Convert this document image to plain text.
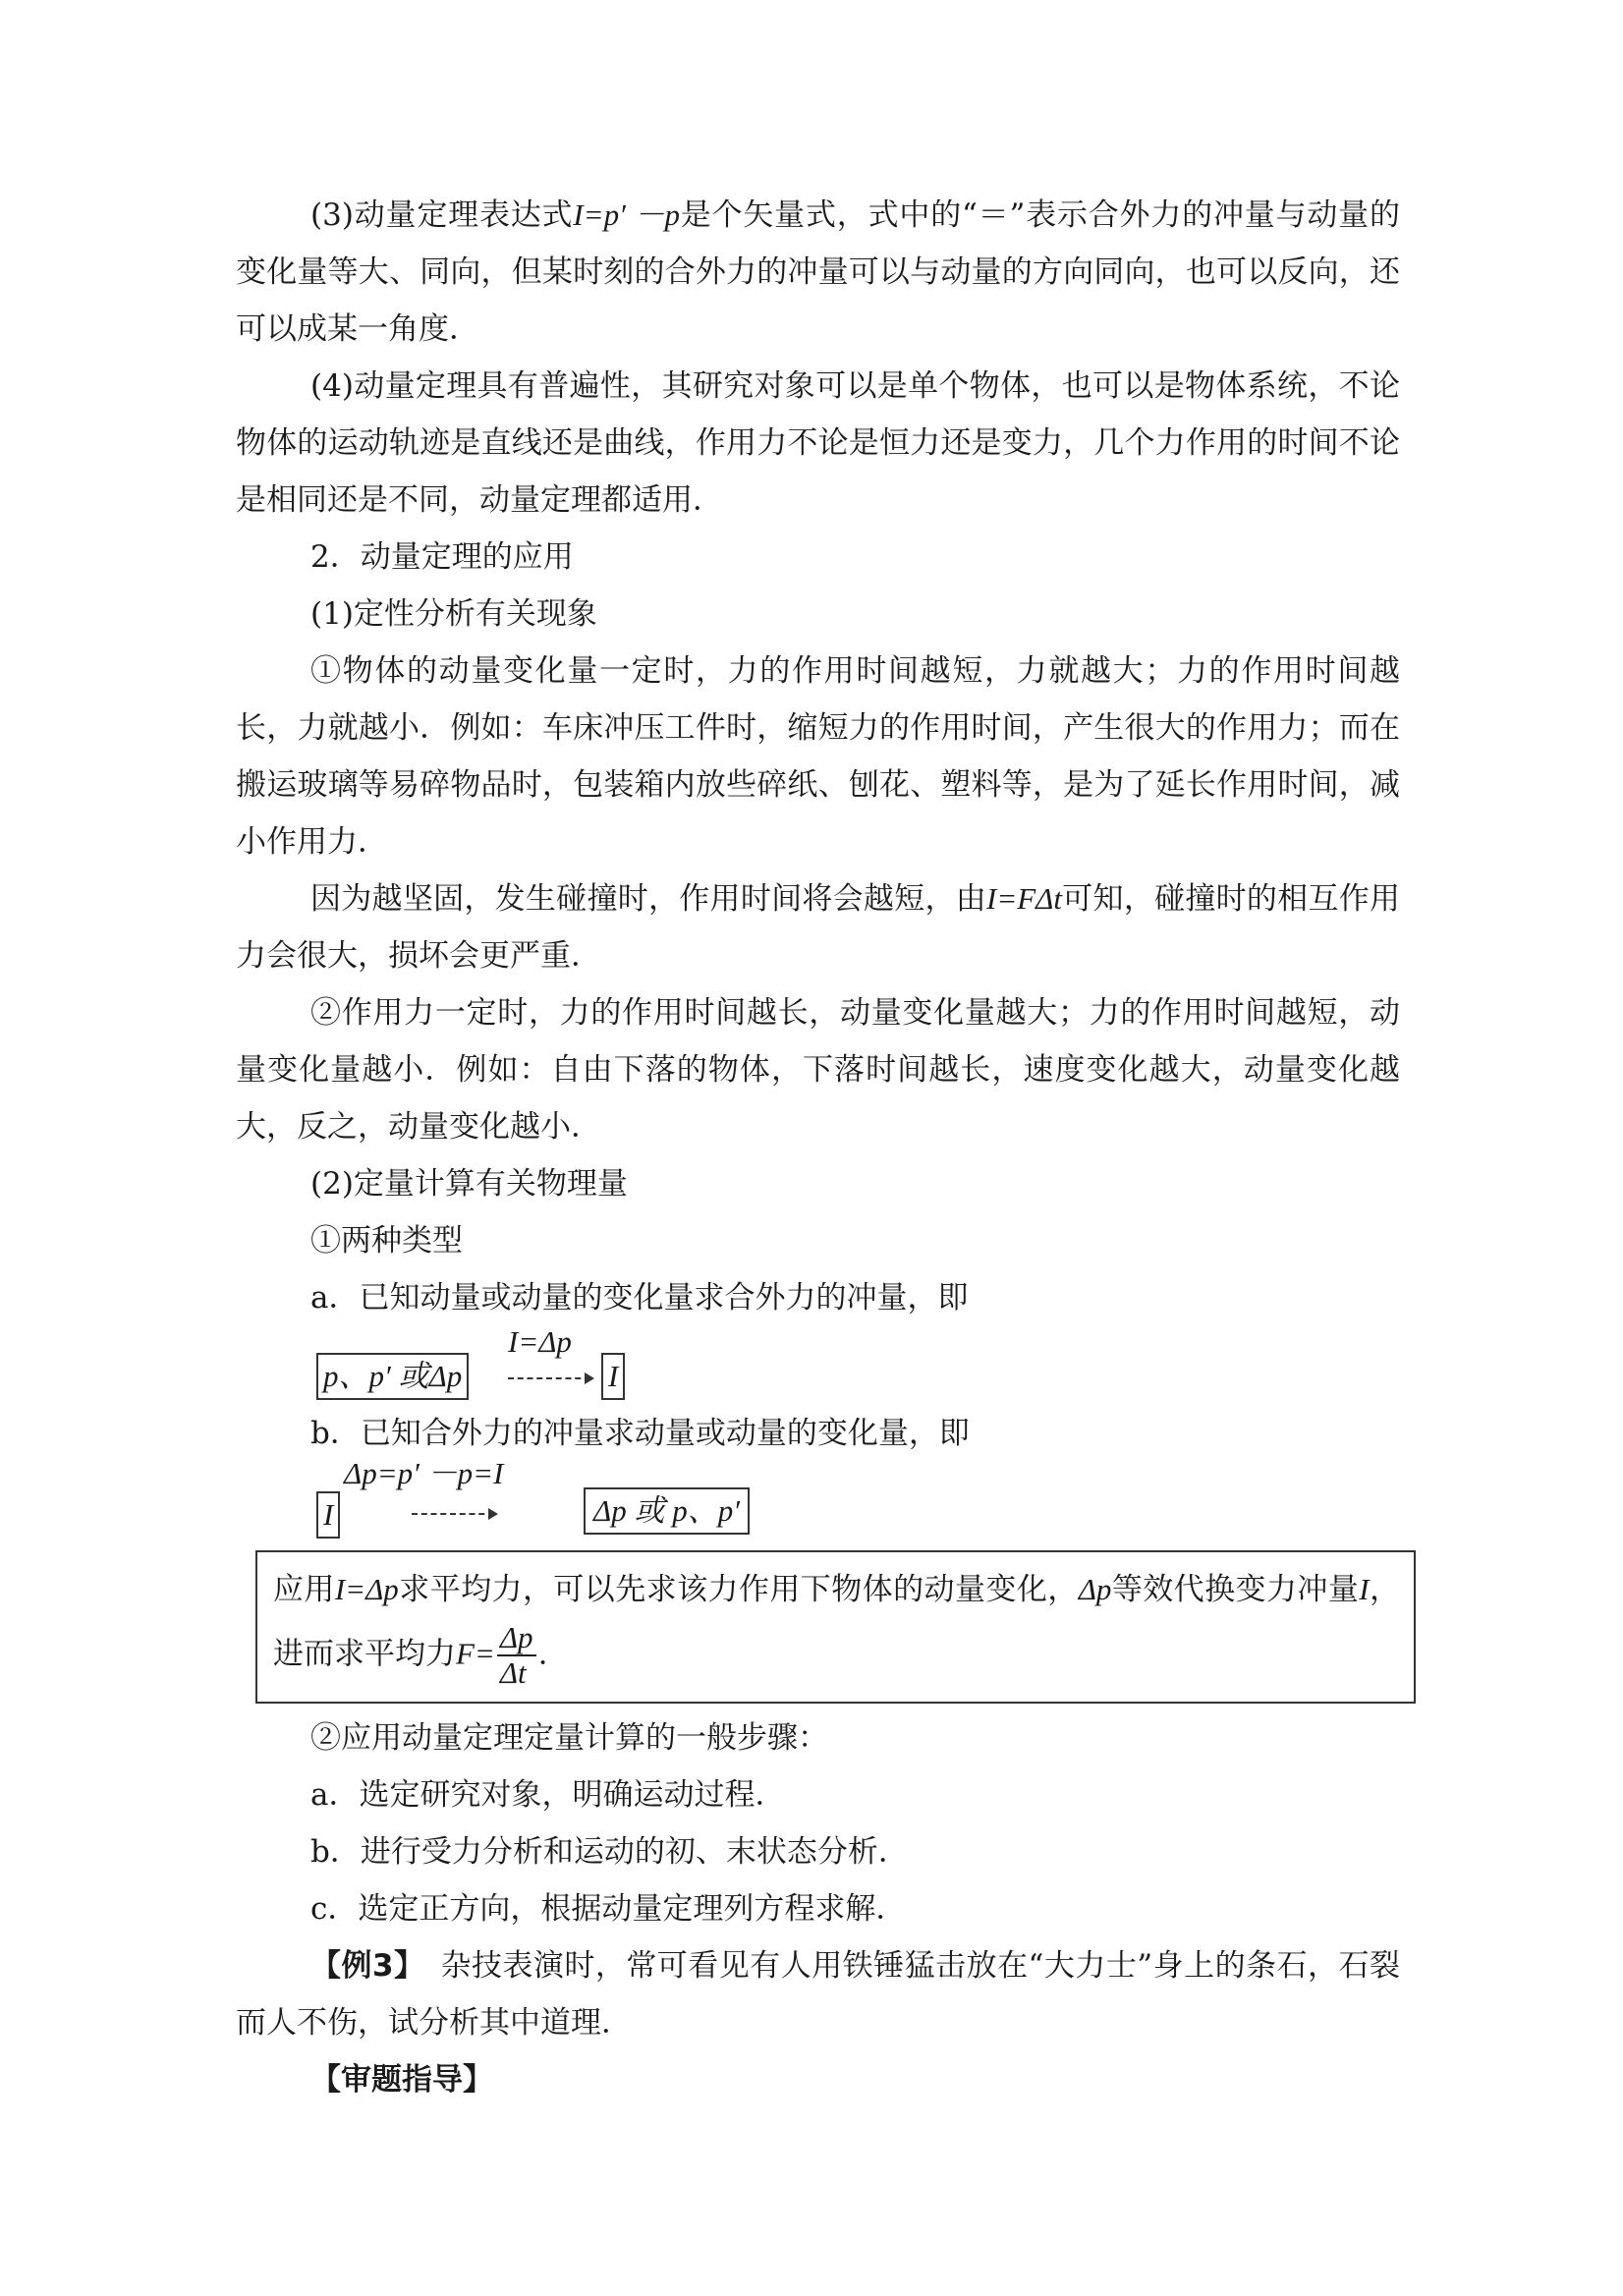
(3)动量定理表达式I=p′ －p是个矢量式，式中的“＝”表示合外力的冲量与动量的变化量等大、同向，但某时刻的合外力的冲量可以与动量的方向同向，也可以反向，还可以成某一角度．

(4)动量定理具有普遍性，其研究对象可以是单个物体，也可以是物体系统，不论物体的运动轨迹是直线还是曲线，作用力不论是恒力还是变力，几个力作用的时间不论是相同还是不同，动量定理都适用．

2．动量定理的应用

(1)定性分析有关现象

①物体的动量变化量一定时，力的作用时间越短，力就越大；力的作用时间越长，力就越小．例如：车床冲压工件时，缩短力的作用时间，产生很大的作用力；而在搬运玻璃等易碎物品时，包装箱内放些碎纸、刨花、塑料等，是为了延长作用时间，减小作用力．

因为越坚固，发生碰撞时，作用时间将会越短，由I=FΔt可知，碰撞时的相互作用力会很大，损坏会更严重．

②作用力一定时，力的作用时间越长，动量变化量越大；力的作用时间越短，动量变化量越小．例如：自由下落的物体，下落时间越长，速度变化越大，动量变化越大，反之，动量变化越小．

(2)定量计算有关物理量

①两种类型

a．已知动量或动量的变化量求合外力的冲量，即

p、p′ 或Δp
I=Δp
I

b．已知合外力的冲量求动量或动量的变化量，即

I
Δp=p′ －p=I
Δp 或 p、p′

应用I=Δp求平均力，可以先求该力作用下物体的动量变化，Δp等效代换变力冲量I，进而求平均力$F= \frac{\Delta p}{\Delta t}$ .

②应用动量定理定量计算的一般步骤：

a．选定研究对象，明确运动过程．

b．进行受力分析和运动的初、末状态分析．

c．选定正方向，根据动量定理列方程求解．

【例3】　杂技表演时，常可看见有人用铁锤猛击放在“大力士”身上的条石，石裂而人不伤，试分析其中道理．

【审题指导】
